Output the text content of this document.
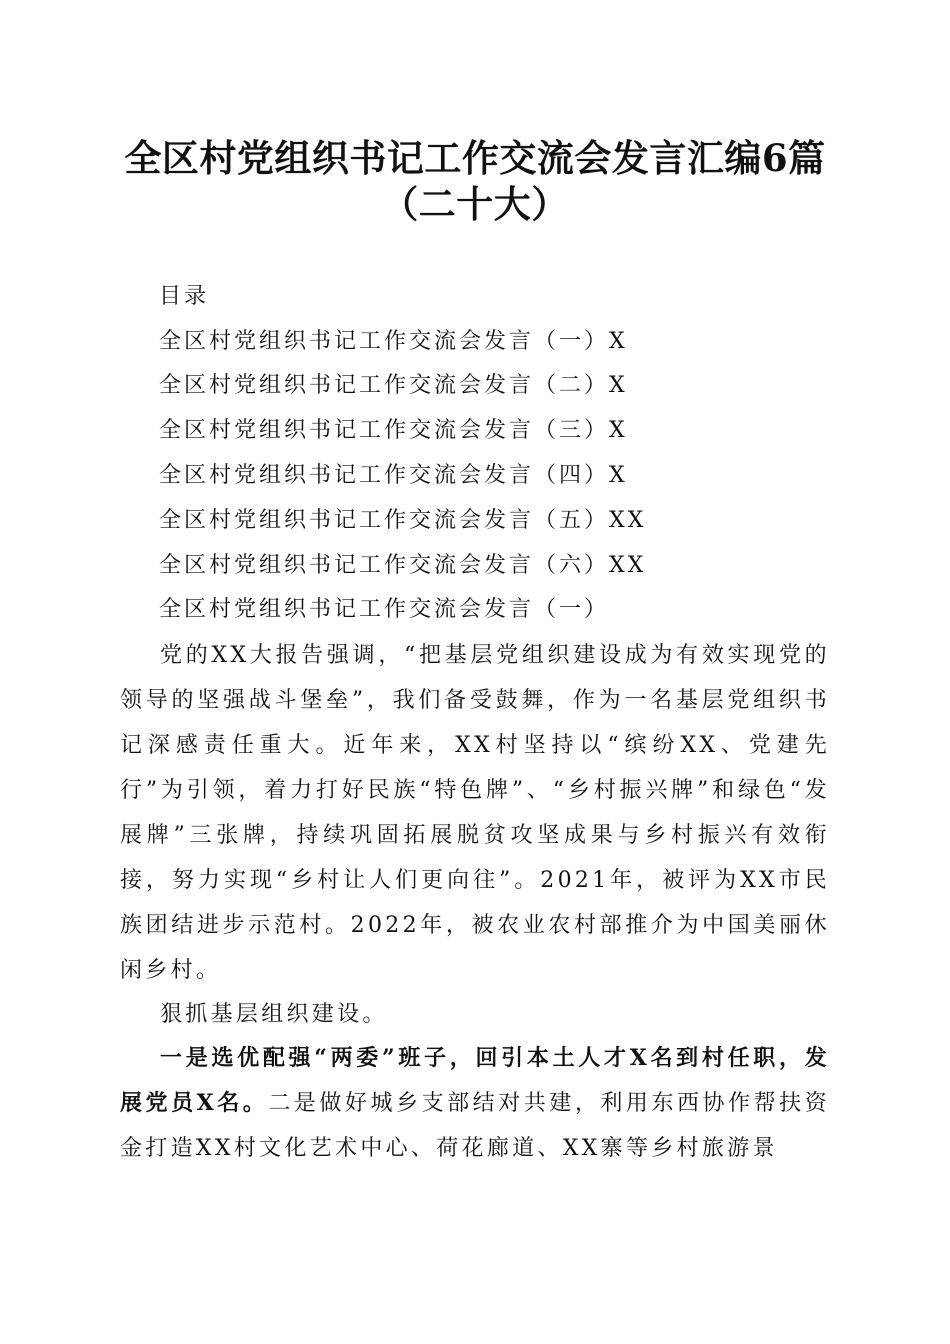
全区村党组织书记工作交流会发言汇编6篇
（二十大）
目录
全区村党组织书记工作交流会发言（一）X
全区村党组织书记工作交流会发言（二）X
全区村党组织书记工作交流会发言（三）X
全区村党组织书记工作交流会发言（四）X
全区村党组织书记工作交流会发言（五）XX
全区村党组织书记工作交流会发言（六）XX
全区村党组织书记工作交流会发言（一）
党的XX大报告强调，“把基层党组织建设成为有效实现党的领导的坚强战斗堡垒”，我们备受鼓舞，作为一名基层党组织书记深感责任重大。近年来，XX村坚持以“缤纷XX、党建先行”为引领，着力打好民族“特色牌”、“乡村振兴牌”和绿色“发展牌”三张牌，持续巩固拓展脱贫攻坚成果与乡村振兴有效衔接，努力实现“乡村让人们更向往”。2021年，被评为XX市民族团结进步示范村。2022年，被农业农村部推介为中国美丽休闲乡村。
狠抓基层组织建设。
一是选优配强“两委”班子，回引本土人才X名到村任职，发展党员X名。二是做好城乡支部结对共建，利用东西协作帮扶资金打造XX村文化艺术中心、荷花廊道、XX寨等乡村旅游景
